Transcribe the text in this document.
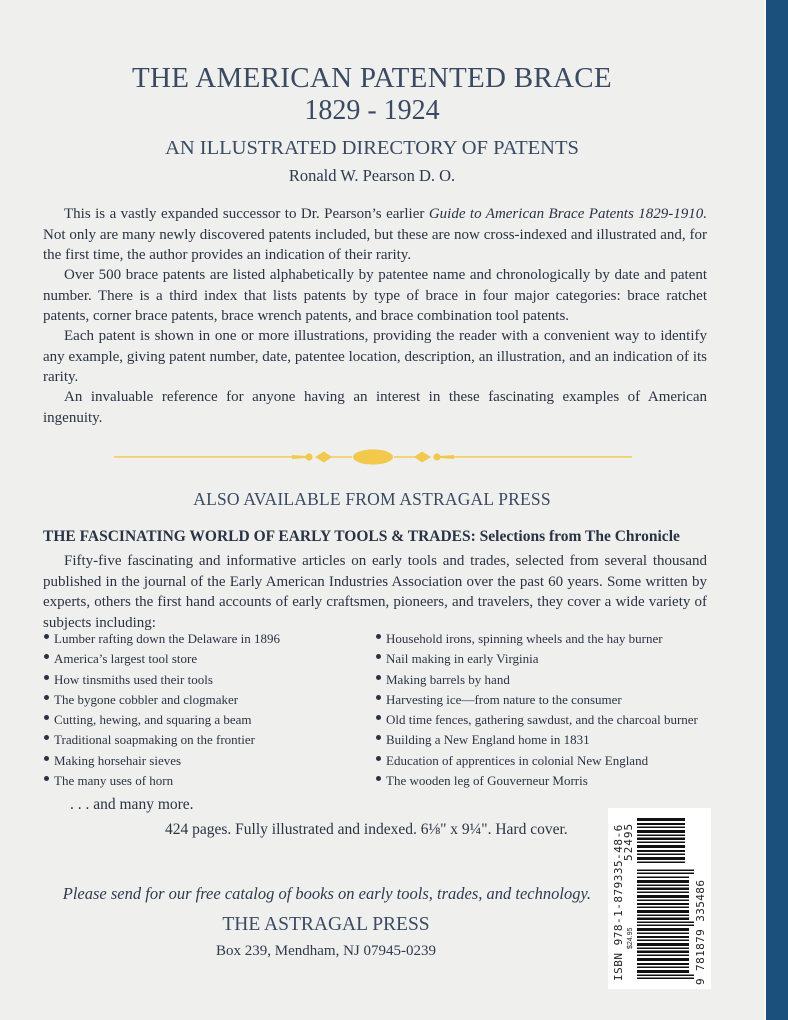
THE AMERICAN PATENTED BRACE
1829 - 1924
AN ILLUSTRATED DIRECTORY OF PATENTS
Ronald W. Pearson D. O.
This is a vastly expanded successor to Dr. Pearson’s earlier Guide to American Brace Patents 1829-1910. Not only are many newly discovered patents included, but these are now cross-indexed and illustrated and, for the first time, the author provides an indication of their rarity.
Over 500 brace patents are listed alphabetically by patentee name and chronologically by date and patent number. There is a third index that lists patents by type of brace in four major categories: brace ratchet patents, corner brace patents, brace wrench patents, and brace combination tool patents.
Each patent is shown in one or more illustrations, providing the reader with a convenient way to identify any example, giving patent number, date, patentee location, description, an illustration, and an indication of its rarity.
An invaluable reference for anyone having an interest in these fascinating examples of American ingenuity.
ALSO AVAILABLE FROM ASTRAGAL PRESS
THE FASCINATING WORLD OF EARLY TOOLS & TRADES: Selections from The Chronicle
Fifty-five fascinating and informative articles on early tools and trades, selected from several thousand published in the journal of the Early American Industries Association over the past 60 years. Some written by experts, others the first hand accounts of early craftsmen, pioneers, and travelers, they cover a wide variety of subjects including:
Lumber rafting down the Delaware in 1896
America’s largest tool store
How tinsmiths used their tools
The bygone cobbler and clogmaker
Cutting, hewing, and squaring a beam
Traditional soapmaking on the frontier
Making horsehair sieves
The many uses of horn
Household irons, spinning wheels and the hay burner
Nail making in early Virginia
Making barrels by hand
Harvesting ice—from nature to the consumer
Old time fences, gathering sawdust, and the charcoal burner
Building a New England home in 1831
Education of apprentices in colonial New England
The wooden leg of Gouverneur Morris
. . . and many more.
424 pages. Fully illustrated and indexed. 6⅛" x 9¼". Hard cover.
Please send for our free catalog of books on early tools, trades, and technology.
THE ASTRAGAL PRESS
Box 239, Mendham, NJ 07945-0239	ISBN 978-1-879335-48-6 $24.95
52495
9 781879 335486
